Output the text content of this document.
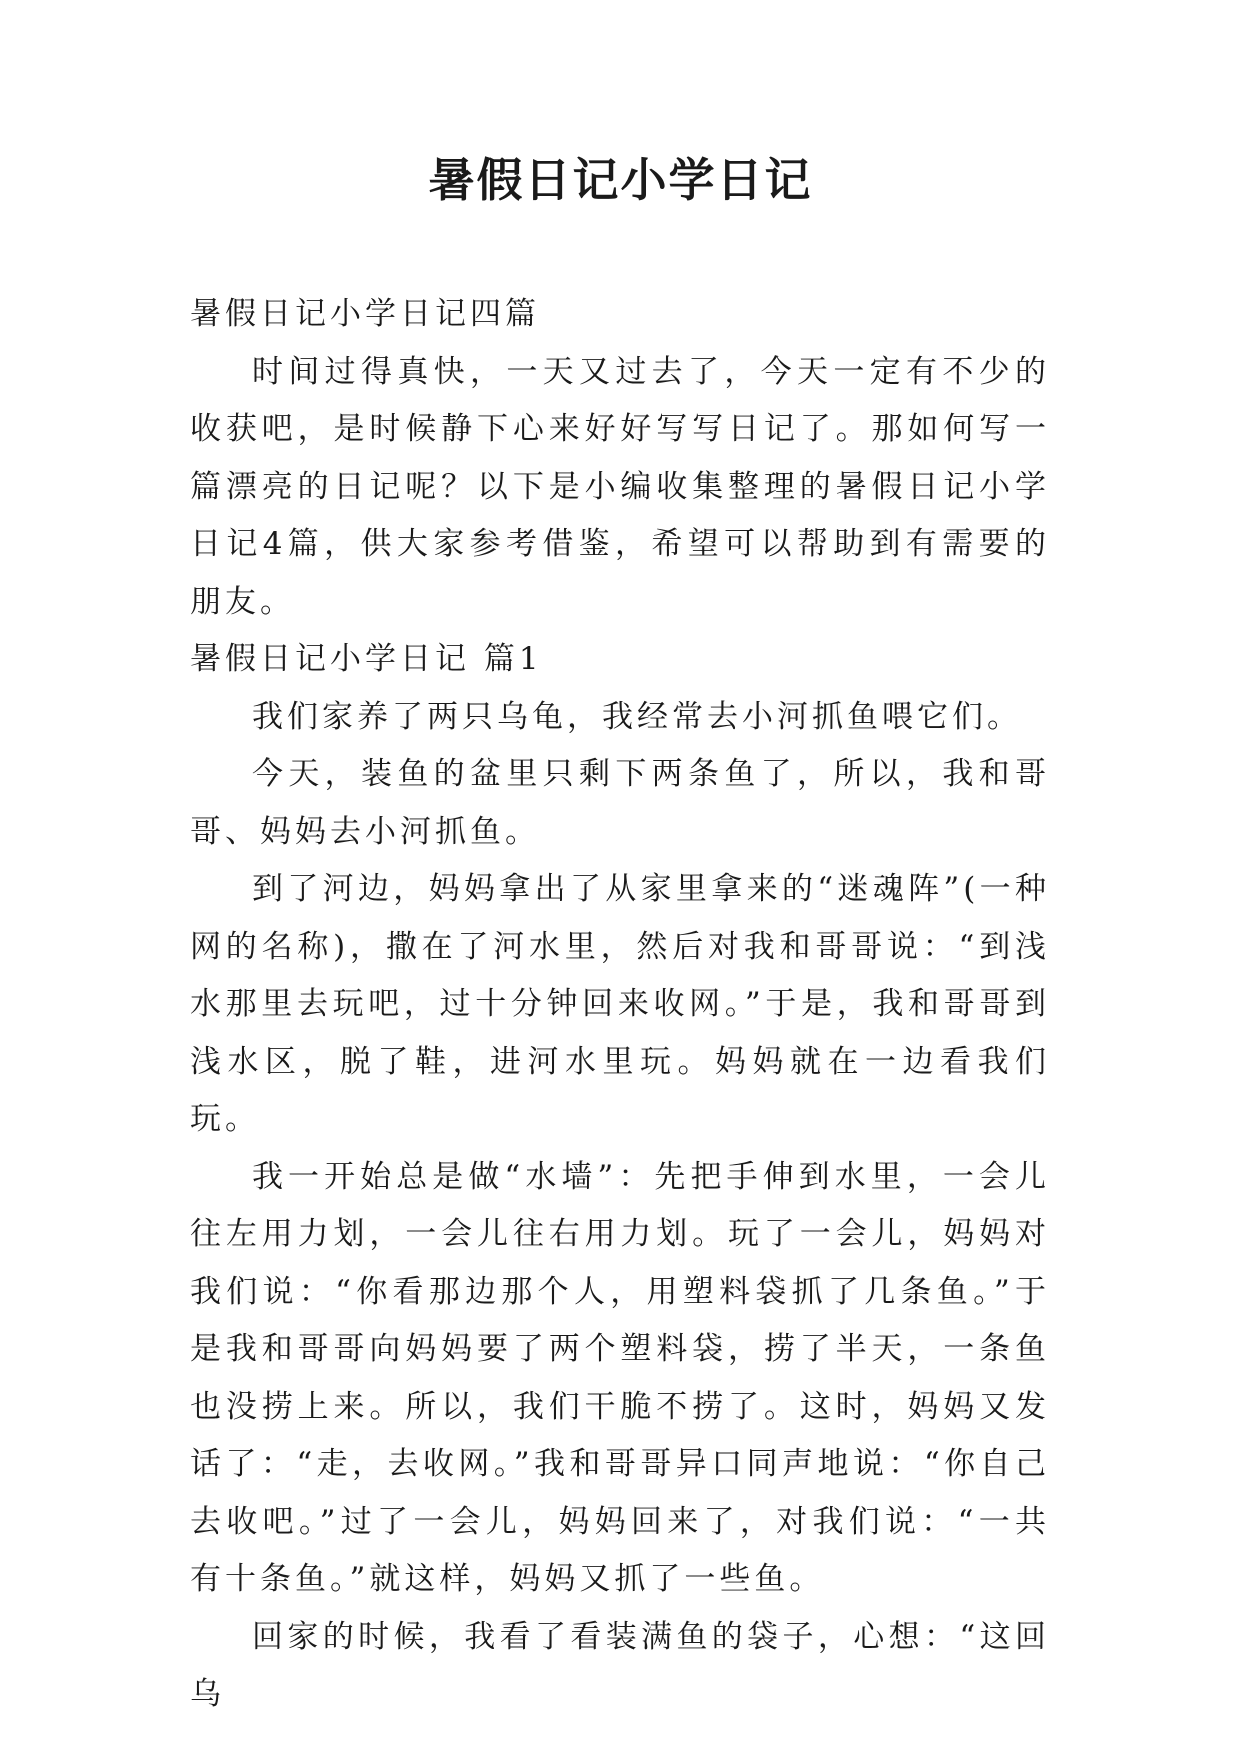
暑假日记小学日记

暑假日记小学日记四篇

时间过得真快，一天又过去了，今天一定有不少的收获吧，是时候静下心来好好写写日记了。那如何写一篇漂亮的日记呢？以下是小编收集整理的暑假日记小学日记4篇，供大家参考借鉴，希望可以帮助到有需要的朋友。

暑假日记小学日记 篇1

我们家养了两只乌龟，我经常去小河抓鱼喂它们。

今天，装鱼的盆里只剩下两条鱼了，所以，我和哥哥、妈妈去小河抓鱼。

到了河边，妈妈拿出了从家里拿来的“迷魂阵”(一种网的名称)，撒在了河水里，然后对我和哥哥说：“到浅水那里去玩吧，过十分钟回来收网。”于是，我和哥哥到浅水区，脱了鞋，进河水里玩。妈妈就在一边看我们玩。

我一开始总是做“水墙”：先把手伸到水里，一会儿往左用力划，一会儿往右用力划。玩了一会儿，妈妈对我们说：“你看那边那个人，用塑料袋抓了几条鱼。”于是我和哥哥向妈妈要了两个塑料袋，捞了半天，一条鱼也没捞上来。所以，我们干脆不捞了。这时，妈妈又发话了：“走，去收网。”我和哥哥异口同声地说：“你自己去收吧。”过了一会儿，妈妈回来了，对我们说：“一共有十条鱼。”就这样，妈妈又抓了一些鱼。

回家的时候，我看了看装满鱼的袋子，心想：“这回乌
